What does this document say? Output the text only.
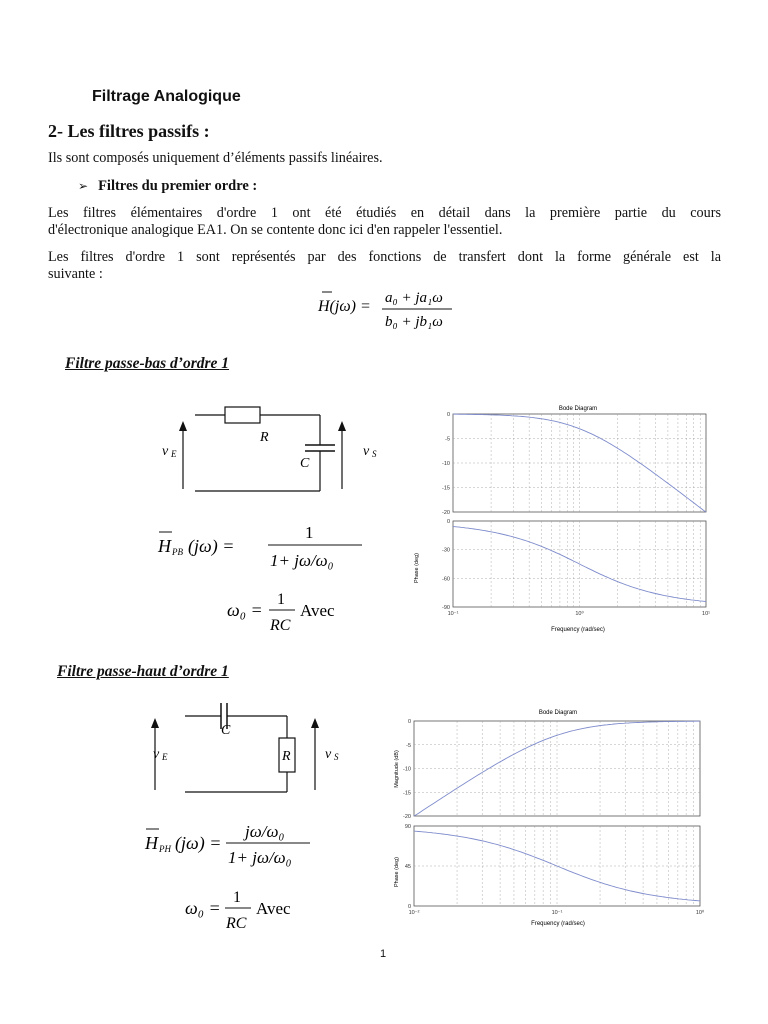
Filtrage Analogique
2- Les filtres passifs :
Ils sont composés uniquement d’éléments passifs linéaires.
➢ Filtres du premier ordre :
Les filtres élémentaires d'ordre 1 ont été étudiés en détail dans la première partie du cours
d'électronique analogique EA1. On se contente donc ici d'en rappeler l'essentiel.
Les filtres d'ordre 1 sont représentés par des fonctions de transfert dont la forme générale est la
suivante :
H(jω) = a₀ + ja₁ω
b₀ + jb₁ω
Filtre passe-bas d’ordre 1
R
C
v E	v S
H PB (jω) =
1
1+ jω/ω₀
ω₀ =
1
RC
Avec
Bode Diagram
Phase (deg)
Frequency (rad/sec)
0
-5
-10
-15
-20
0
-30
-60
-90
10⁻¹	10⁰	10¹
Filtre passe-haut d’ordre 1
C
R
v E	v S
H PH (jω) =
jω/ω₀
1+ jω/ω₀
ω₀ =
1
RC
Avec
Bode Diagram
Magnitude (dB)
Phase (deg)
Frequency (rad/sec)
0
-5
-10
-15
-20
90
45
0
10⁻²	10⁻¹	10⁰
1
